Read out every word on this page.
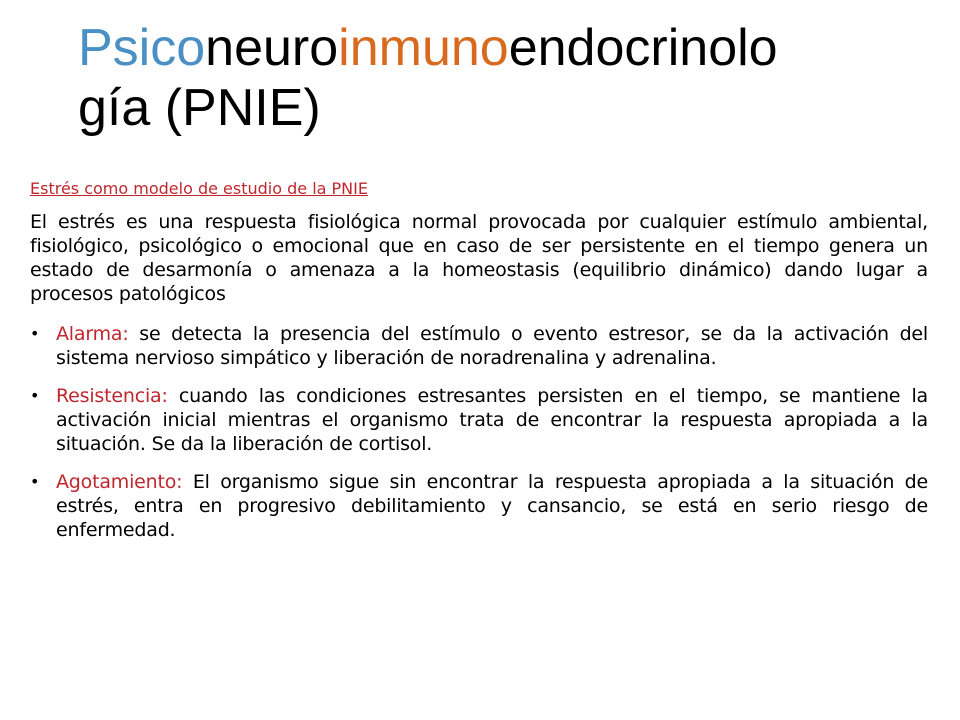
Psiconeuroinmunoendocrinolo
gía (PNIE)

Estrés como modelo de estudio de la PNIE

El estrés es una respuesta fisiológica normal provocada por cualquier estímulo ambiental, fisiológico, psicológico o emocional que en caso de ser persistente en el tiempo genera un estado de desarmonía o amenaza a la homeostasis (equilibrio dinámico) dando lugar a procesos patológicos

• Alarma: se detecta la presencia del estímulo o evento estresor, se da la activación del sistema nervioso simpático y liberación de noradrenalina y adrenalina.
• Resistencia: cuando las condiciones estresantes persisten en el tiempo, se mantiene la activación inicial mientras el organismo trata de encontrar la respuesta apropiada a la situación. Se da la liberación de cortisol.
• Agotamiento: El organismo sigue sin encontrar la respuesta apropiada a la situación de estrés, entra en progresivo debilitamiento y cansancio, se está en serio riesgo de enfermedad.
